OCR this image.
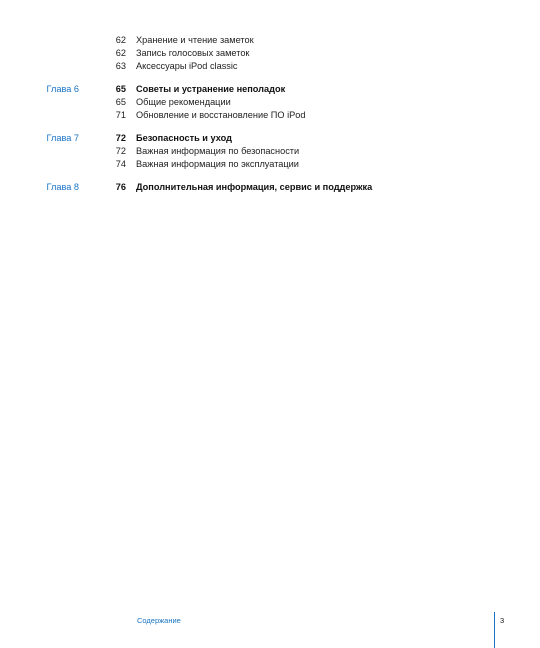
62 Хранение и чтение заметок
62 Запись голосовых заметок
63 Аксессуары iPod classic
Глава 6	65 Советы и устранение неполадок
65 Общие рекомендации
71 Обновление и восстановление ПО iPod
Глава 7	72 Безопасность и уход
72 Важная информация по безопасности
74 Важная информация по эксплуатации
Глава 8	76 Дополнительная информация, сервис и поддержка
Содержание	3
